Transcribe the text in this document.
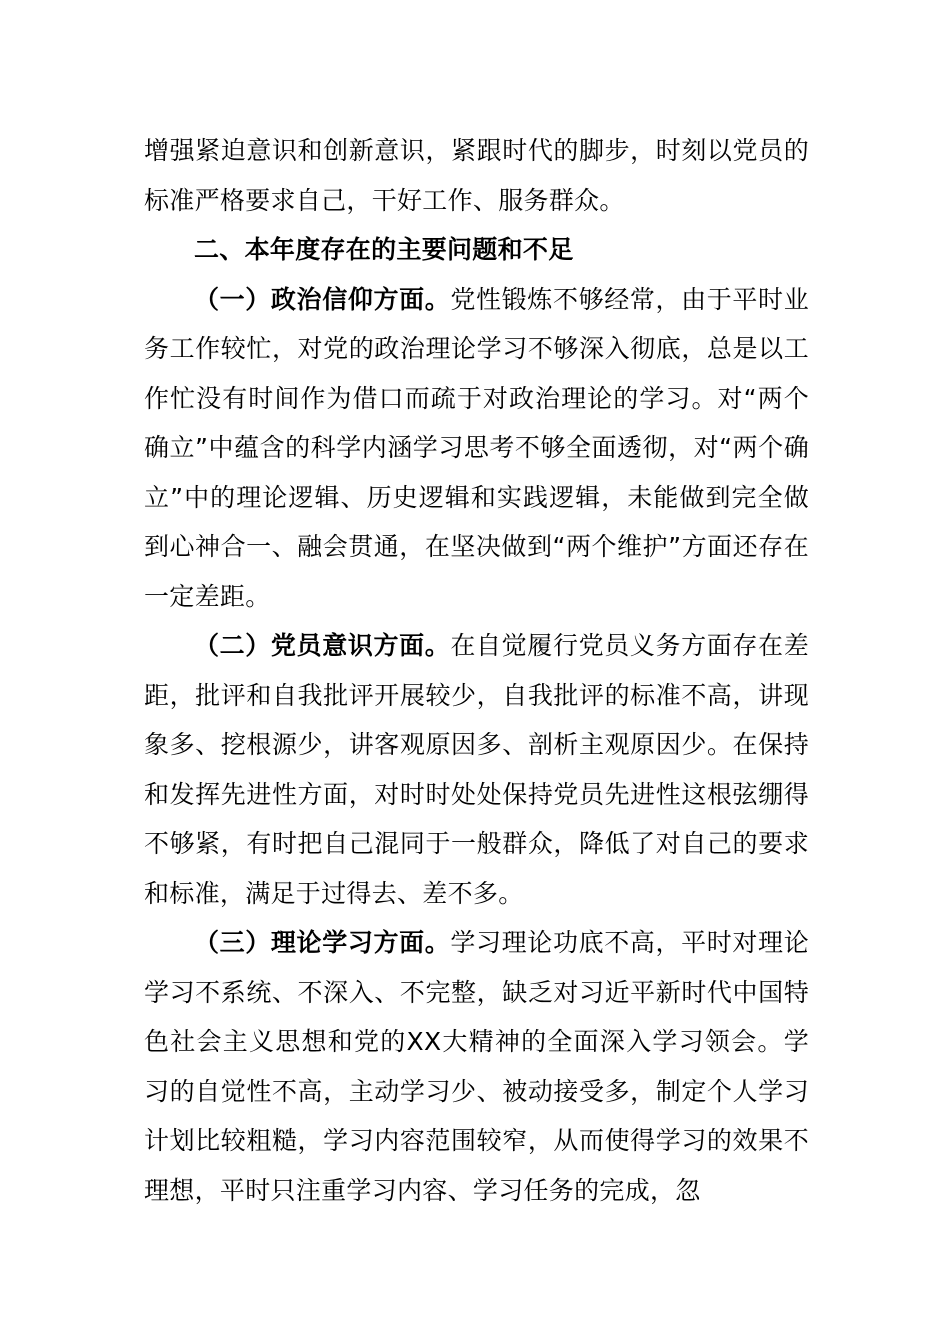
增强紧迫意识和创新意识，紧跟时代的脚步，时刻以党员的标准严格要求自己，干好工作、服务群众。

二、本年度存在的主要问题和不足

（一）政治信仰方面。党性锻炼不够经常，由于平时业务工作较忙，对党的政治理论学习不够深入彻底，总是以工作忙没有时间作为借口而疏于对政治理论的学习。对“两个确立”中蕴含的科学内涵学习思考不够全面透彻，对“两个确立”中的理论逻辑、历史逻辑和实践逻辑，未能做到完全做到心神合一、融会贯通，在坚决做到“两个维护”方面还存在一定差距。

（二）党员意识方面。在自觉履行党员义务方面存在差距，批评和自我批评开展较少，自我批评的标准不高，讲现象多、挖根源少，讲客观原因多、剖析主观原因少。在保持和发挥先进性方面，对时时处处保持党员先进性这根弦绷得不够紧，有时把自己混同于一般群众，降低了对自己的要求和标准，满足于过得去、差不多。

（三）理论学习方面。学习理论功底不高，平时对理论学习不系统、不深入、不完整，缺乏对习近平新时代中国特色社会主义思想和党的XX大精神的全面深入学习领会。学习的自觉性不高，主动学习少、被动接受多，制定个人学习计划比较粗糙，学习内容范围较窄，从而使得学习的效果不理想，平时只注重学习内容、学习任务的完成，忽
